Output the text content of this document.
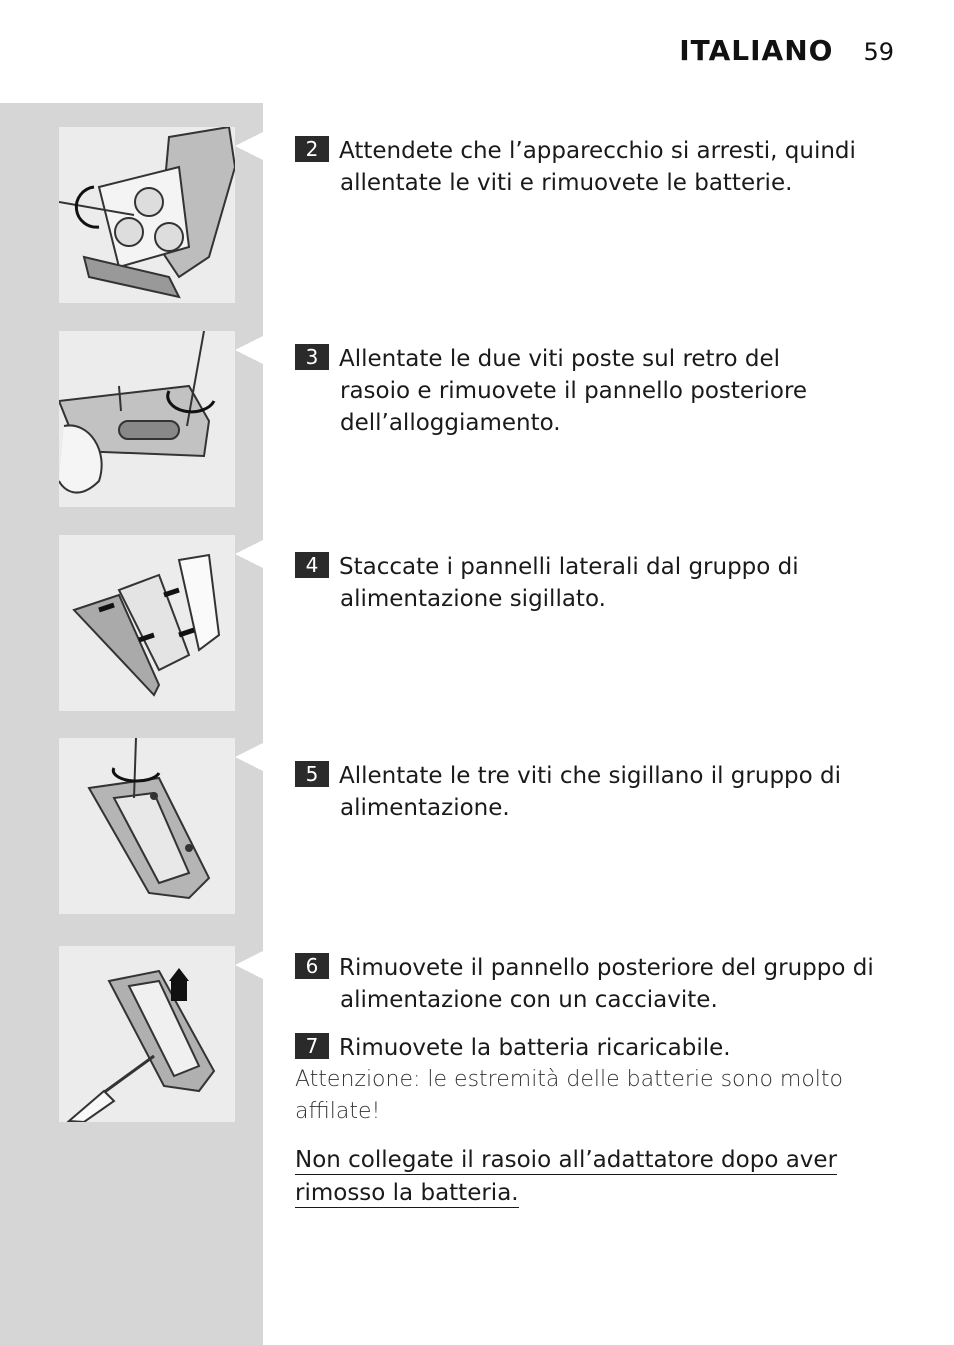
ITALIANO 59
2 Attendete che l’apparecchio si arresti, quindi
allentate le viti e rimuovete le batterie.
3 Allentate le due viti poste sul retro del
rasoio e rimuovete il pannello posteriore
dell’alloggiamento.
4 Staccate i pannelli laterali dal gruppo di
alimentazione sigillato.
5 Allentate le tre viti che sigillano il gruppo di
alimentazione.
6 Rimuovete il pannello posteriore del gruppo di
alimentazione con un cacciavite.
7 Rimuovete la batteria ricaricabile.
Attenzione: le estremità delle batterie sono molto
affilate!
Non collegate il rasoio all’adattatore dopo aver
rimosso la batteria.
